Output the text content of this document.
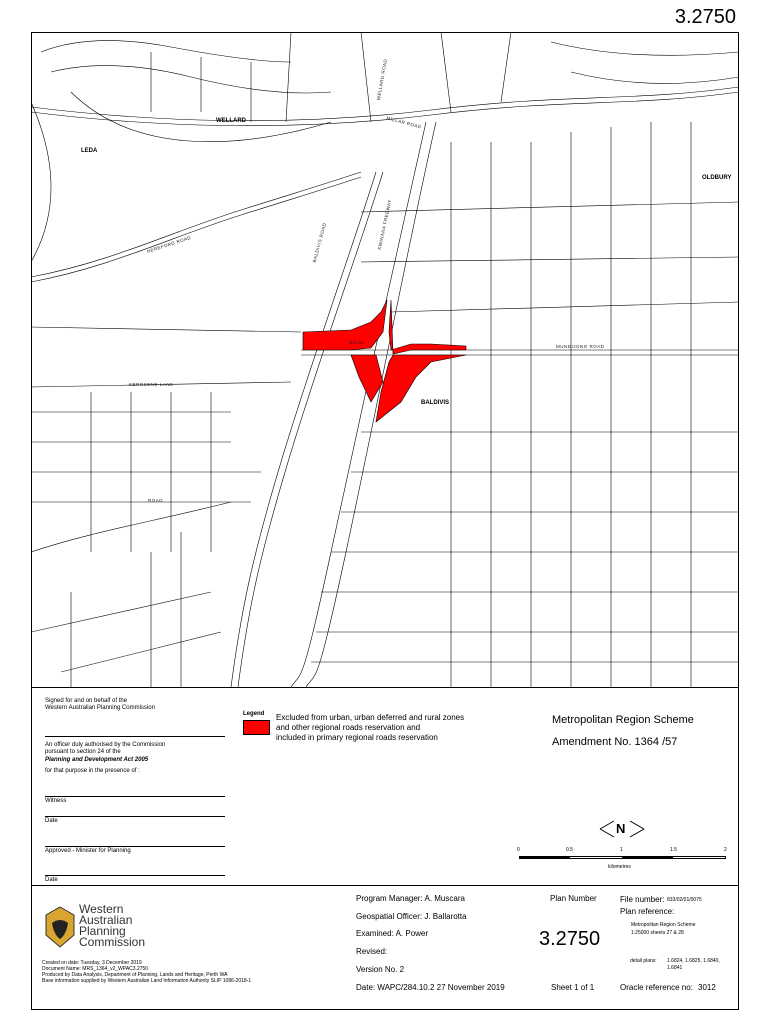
3.2750
WELLARD
LEDA
OLDBURY
BALDIVIS
WELLARD ROAD
MILLAR ROAD
BALDIVIS ROAD	KWINANA FREEWAY
MUNDIJONG ROAD
HEREFORD ROAD
KEROSENE LANE
ROAD
ROAD
Signed for and on behalf of the
Western Australian Planning Commission
An officer duly authorised by the Commission
pursuant to section 24 of the
Planning and Development Act 2005
for that purpose in the presence of :
Witness
Date
Approved - Minister for Planning
Date
Legend Excluded from urban, urban deferred and rural zones
and other regional roads reservation and
included in primary regional roads reservation
Metropolitan Region Scheme
Amendment No. 1364 /57
N
0	0.5	1	1.5	2
kilometres
Western
Australian
Planning
Commission
Created on date: Tuesday, 3 December 2019
Document Name: MRS_1364_v2_WPAC3.2750
Produced by Data Analysis, Department of Planning, Lands and Heritage, Perth WA
Base information supplied by Western Australian Land Information Authority SLIP 1086-2018-1
Program Manager: A. Muscara
Geospatial Officer: J. Ballarotta
Examined: A. Power
Revised:
Version No. 2
Date: WAPC/284.10.2 27 November 2019
Plan Number
3.2750
Sheet 1 of 1
File number: 833/02/01/0075
Plan reference:
Metropolitan Region Scheme
1:25000 sheets 27 & 28
detail plans: 1.6824, 1.6825, 1.6840,
1.6841
Oracle reference no: 3012
